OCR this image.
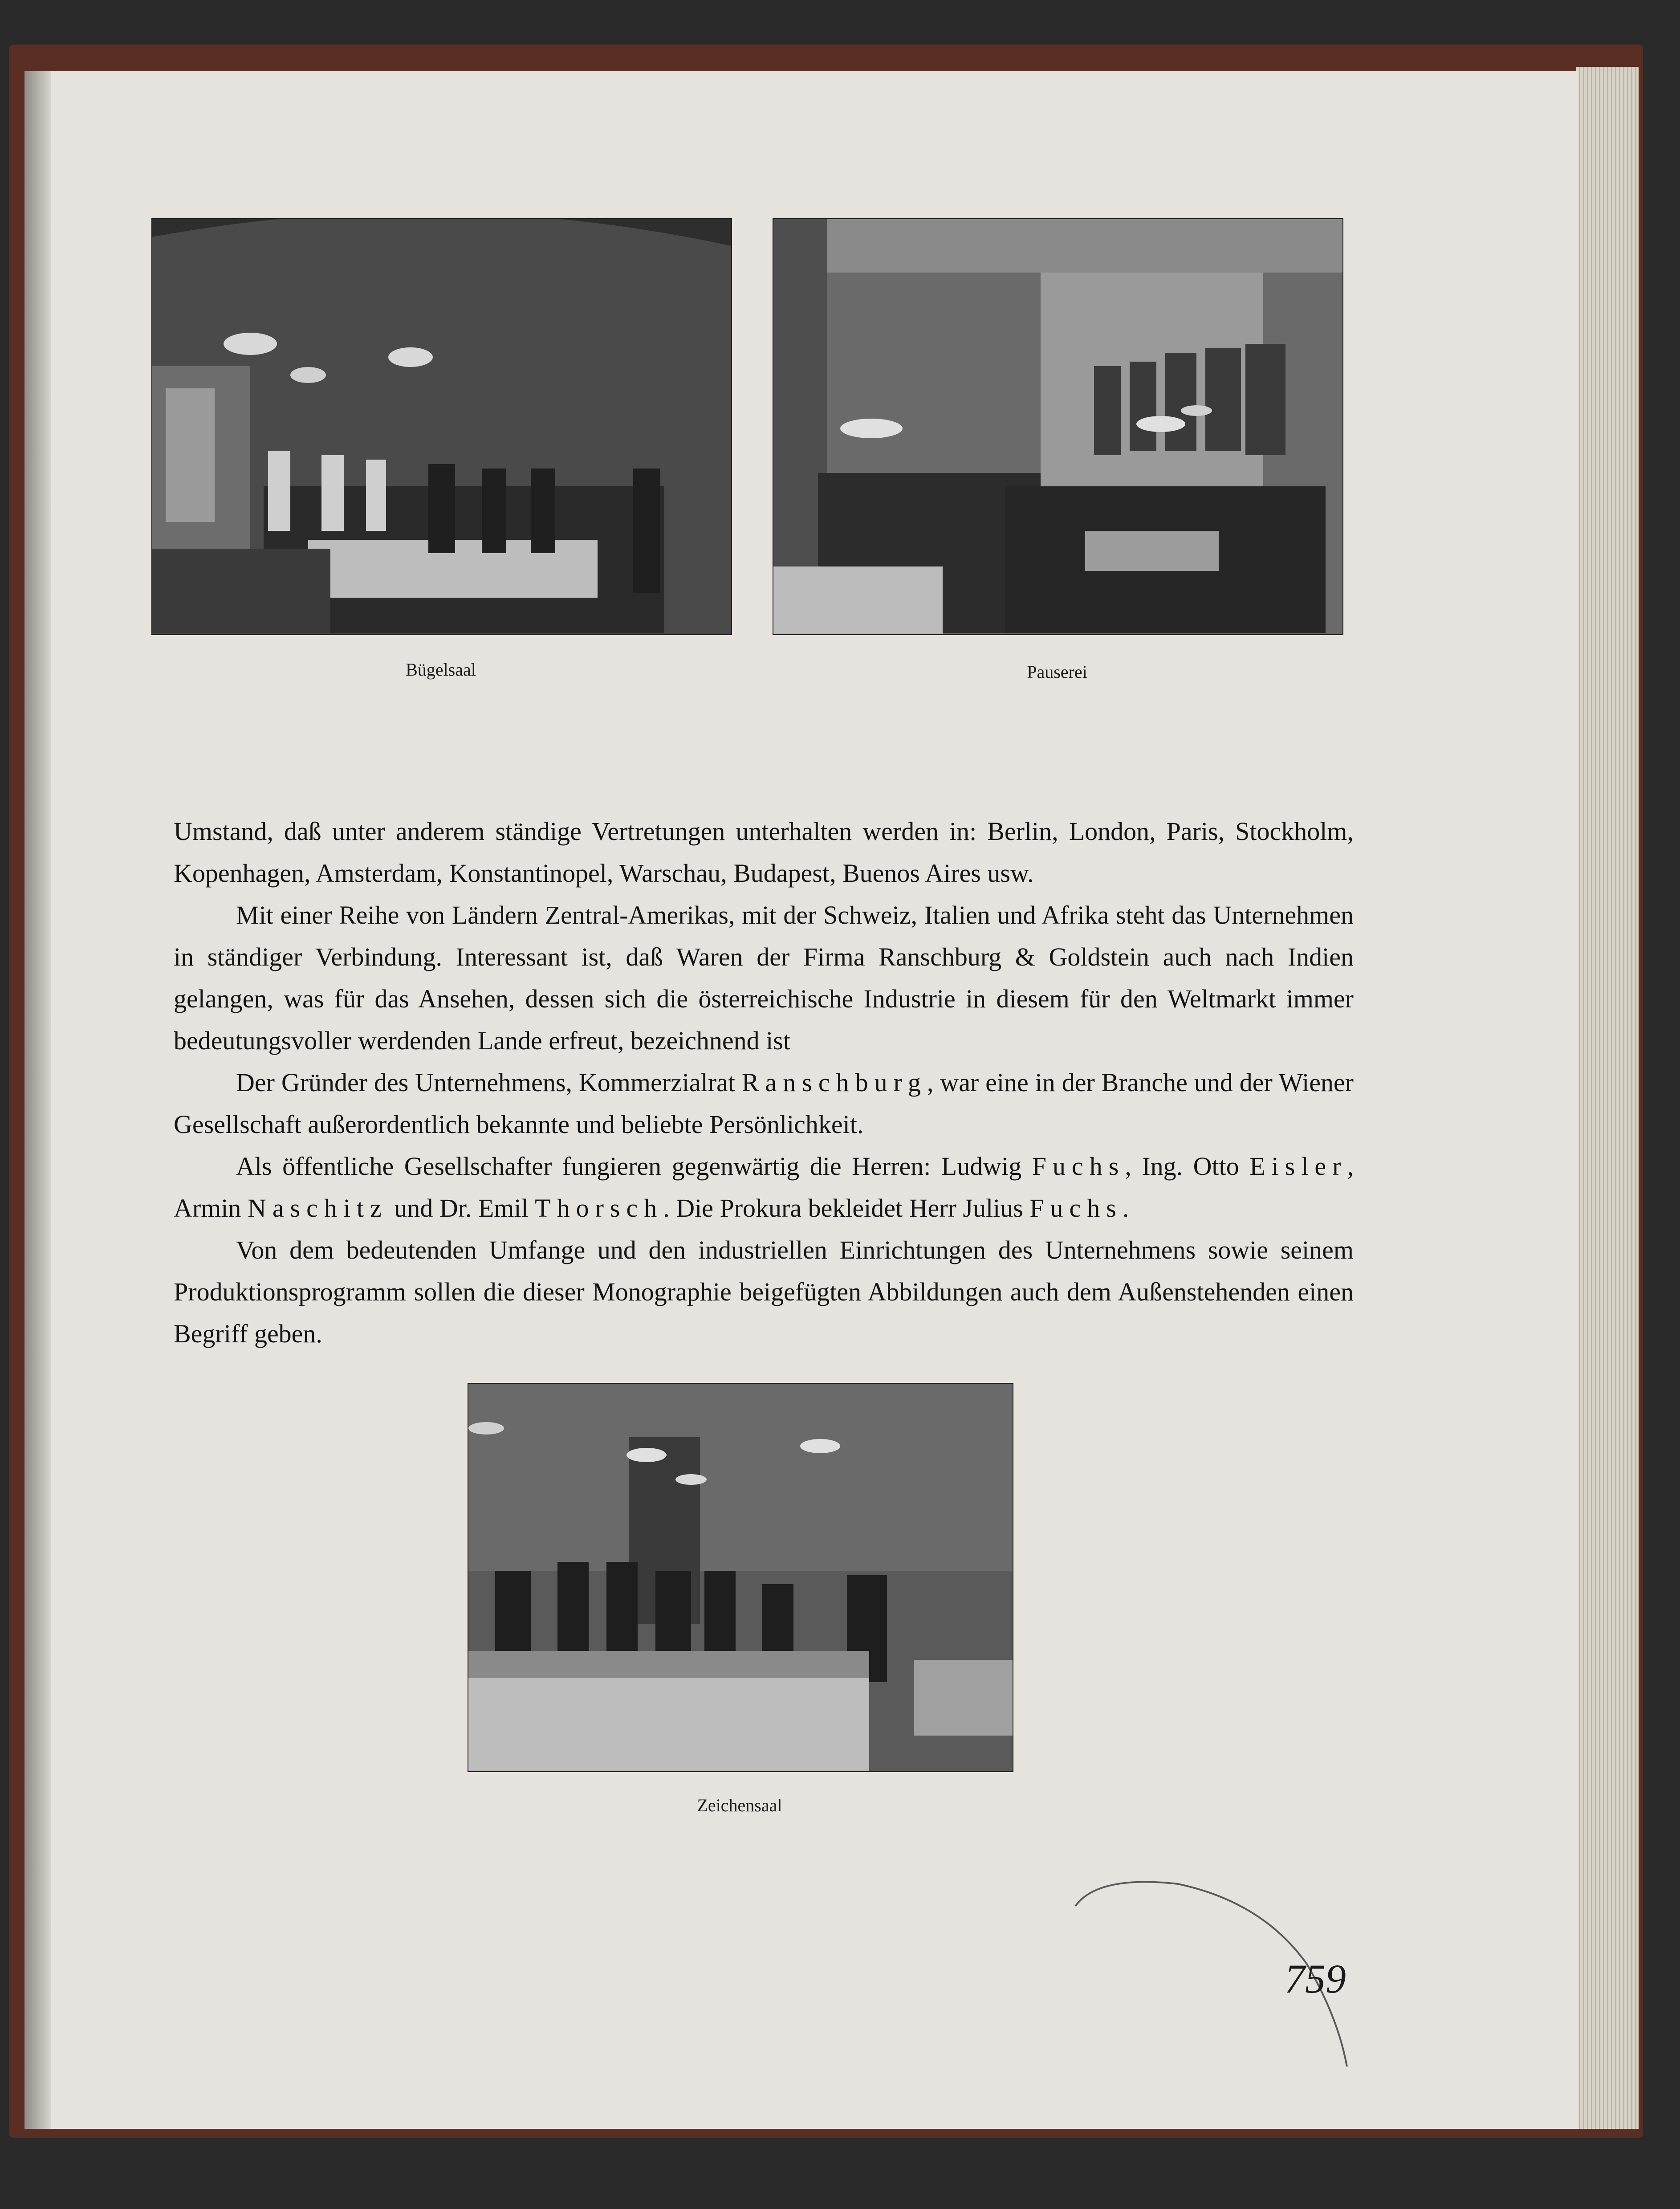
Bügelsaal	Pauserei

Umstand, daß unter anderem ständige Vertretungen unterhalten werden in: Berlin, London, Paris, Stockholm, Kopenhagen, Amsterdam, Konstantinopel, Warschau, Budapest, Buenos Aires usw.

Mit einer Reihe von Ländern Zentral-Amerikas, mit der Schweiz, Italien und Afrika steht das Unternehmen in ständiger Verbindung. Interessant ist, daß Waren der Firma Ranschburg & Goldstein auch nach Indien gelangen, was für das Ansehen, dessen sich die österreichische Industrie in diesem für den Weltmarkt immer bedeutungsvoller werdenden Lande erfreut, bezeichnend ist

Der Gründer des Unternehmens, Kommerzialrat Ranschburg, war eine in der Branche und der Wiener Gesellschaft außerordentlich bekannte und beliebte Persönlichkeit.

Als öffentliche Gesellschafter fungieren gegenwärtig die Herren: Ludwig Fuchs, Ing. Otto Eisler, Armin Naschitz und Dr. Emil Thorsch. Die Prokura bekleidet Herr Julius Fuchs.

Von dem bedeutenden Umfange und den industriellen Einrichtungen des Unternehmens sowie seinem Produktionsprogramm sollen die dieser Monographie beigefügten Abbildungen auch dem Außenstehenden einen Begriff geben.

Zeichensaal
759
